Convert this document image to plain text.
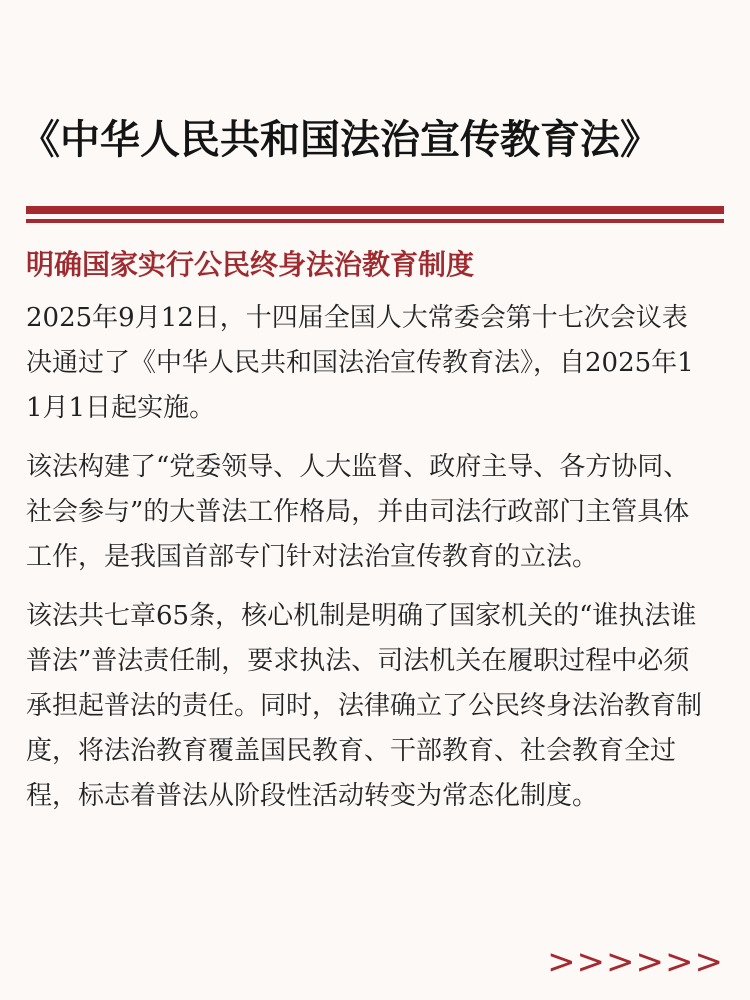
《中华人民共和国法治宣传教育法》
明确国家实行公民终身法治教育制度

2025年9月12日，十四届全国人大常委会第十七次会议表决通过了《中华人民共和国法治宣传教育法》，自2025年11月1日起实施。

该法构建了“党委领导、人大监督、政府主导、各方协同、社会参与”的大普法工作格局，并由司法行政部门主管具体工作，是我国首部专门针对法治宣传教育的立法。

该法共七章65条，核心机制是明确了国家机关的“谁执法谁普法”普法责任制，要求执法、司法机关在履职过程中必须承担起普法的责任。同时，法律确立了公民终身法治教育制度，将法治教育覆盖国民教育、干部教育、社会教育全过程，标志着普法从阶段性活动转变为常态化制度。

>>>>>>
